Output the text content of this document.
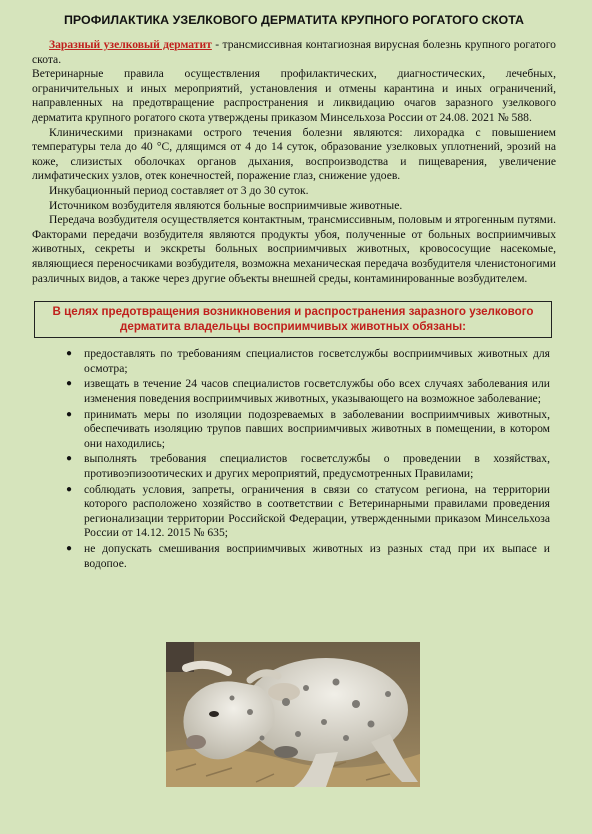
ПРОФИЛАКТИКА УЗЕЛКОВОГО ДЕРМАТИТА КРУПНОГО РОГАТОГО СКОТА

Заразный узелковый дерматит - трансмиссивная контагиозная вирусная болезнь крупного рогатого скота.

Ветеринарные правила осуществления профилактических, диагностических, лечебных, ограничительных и иных мероприятий, установления и отмены карантина и иных ограничений, направленных на предотвращение распространения и ликвидацию очагов заразного узелкового дерматита крупного рогатого скота утверждены приказом Минсельхоза России от 24.08. 2021 № 588.

Клиническими признаками острого течения болезни являются: лихорадка с повышением температуры тела до 40 °С, длящимся от 4 до 14 суток, образование узелковых уплотнений, эрозий на коже, слизистых оболочках органов дыхания, воспроизводства и пищеварения, увеличение лимфатических узлов, отек конечностей, поражение глаз, снижение удоев.

Инкубационный период составляет от 3 до 30 суток.

Источником возбудителя являются больные восприимчивые животные.

Передача возбудителя осуществляется контактным, трансмиссивным, половым и ятрогенным путями. Факторами передачи возбудителя являются продукты убоя, полученные от больных восприимчивых животных, секреты и экскреты больных восприимчивых животных, кровососущие насекомые, являющиеся переносчиками возбудителя, возможна механическая передача возбудителя членистоногими различных видов, а также через другие объекты внешней среды, контаминированные возбудителем.

В целях предотвращения возникновения и распространения заразного узелкового дерматита владельцы восприимчивых животных обязаны:
● предоставлять по требованиям специалистов госветслужбы восприимчивых животных для осмотра;
● извещать в течение 24 часов специалистов госветслужбы обо всех случаях заболевания или изменения поведения восприимчивых животных, указывающего на возможное заболевание;
● принимать меры по изоляции подозреваемых в заболевании восприимчивых животных, обеспечивать изоляцию трупов павших восприимчивых животных в помещении, в котором они находились;
● выполнять требования специалистов госветслужбы о проведении в хозяйствах, противоэпизоотических и других мероприятий, предусмотренных Правилами;
● соблюдать условия, запреты, ограничения в связи со статусом региона, на территории которого расположено хозяйство в соответствии с Ветеринарными правилами проведения регионализации территории Российской Федерации, утвержденными приказом Минсельхоза России от 14.12. 2015 № 635;
● не допускать смешивания восприимчивых животных из разных стад при их выпасе и водопое.
